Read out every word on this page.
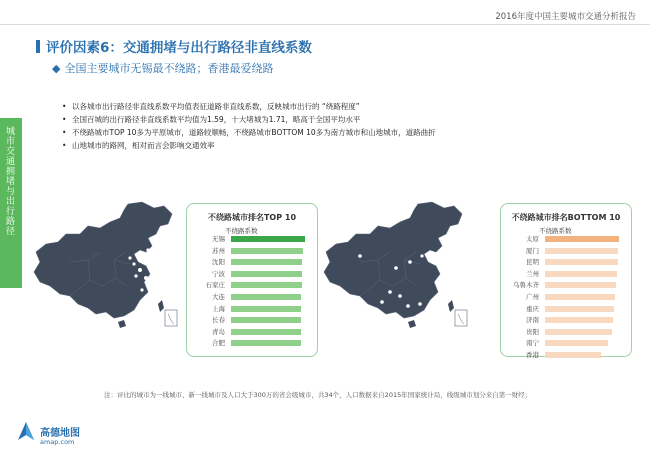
2016年度中国主要城市交通分析报告
城市交通拥堵与出行路径
评价因素6：交通拥堵与出行路径非直线系数
◆ 全国主要城市无锡最不绕路；香港最爱绕路
• 以各城市出行路径非直线系数平均值表征道路非直线系数，反映城市出行的 “绕路程度”
• 全国百城的出行路径非直线系数平均值为1.59，十大堵城为1.71，略高于全国平均水平
• 不绕路城市TOP 10多为平原城市，道路较顺畅，不绕路城市BOTTOM 10多为南方城市和山地城市，道路曲折
• 山地城市的路网，相对而言会影响交通效率
不绕路城市排名TOP 10
不绕路系数
无锡
苏州
沈阳
宁波
石家庄
大连
上海
长春
青岛
合肥
不绕路城市排名BOTTOM 10
不绕路系数
太原
厦门
昆明
兰州
乌鲁木齐
广州
重庆
济南
贵阳
南宁
香港
注：评比的城市为一线城市、新一线城市及人口大于300万的省会级城市，共34个，人口数据来自2015年国家统计局，线级城市划分来自第一财经；
高德地图
amap.com
